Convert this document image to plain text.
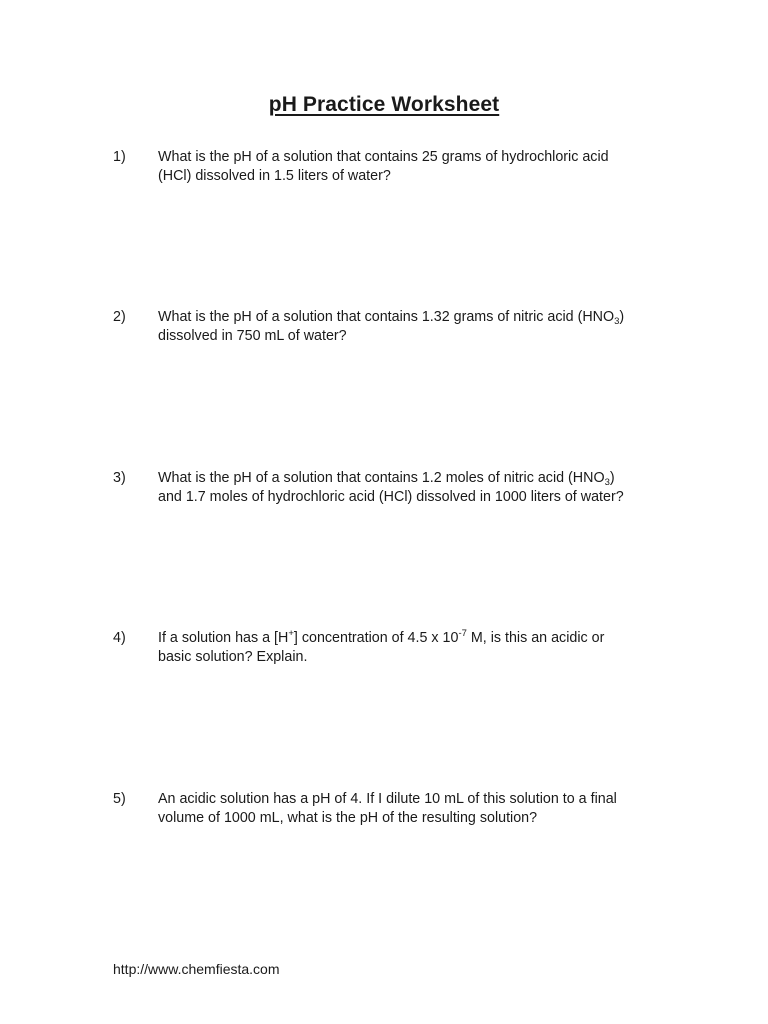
pH Practice Worksheet
1) What is the pH of a solution that contains 25 grams of hydrochloric acid
(HCl) dissolved in 1.5 liters of water?
2) What is the pH of a solution that contains 1.32 grams of nitric acid $(HNO_3)$
dissolved in 750 mL of water?
3) What is the pH of a solution that contains 1.2 moles of nitric acid $(HNO_3)$
and 1.7 moles of hydrochloric acid (HCl) dissolved in 1000 liters of water?
4) If a solution has a [H+] concentration of 4.5 x $10^{-7}$ M, is this an acidic or
basic solution? Explain.
5) An acidic solution has a pH of 4. If I dilute 10 mL of this solution to a final
volume of 1000 mL, what is the pH of the resulting solution?
http://www.chemfiesta.com
